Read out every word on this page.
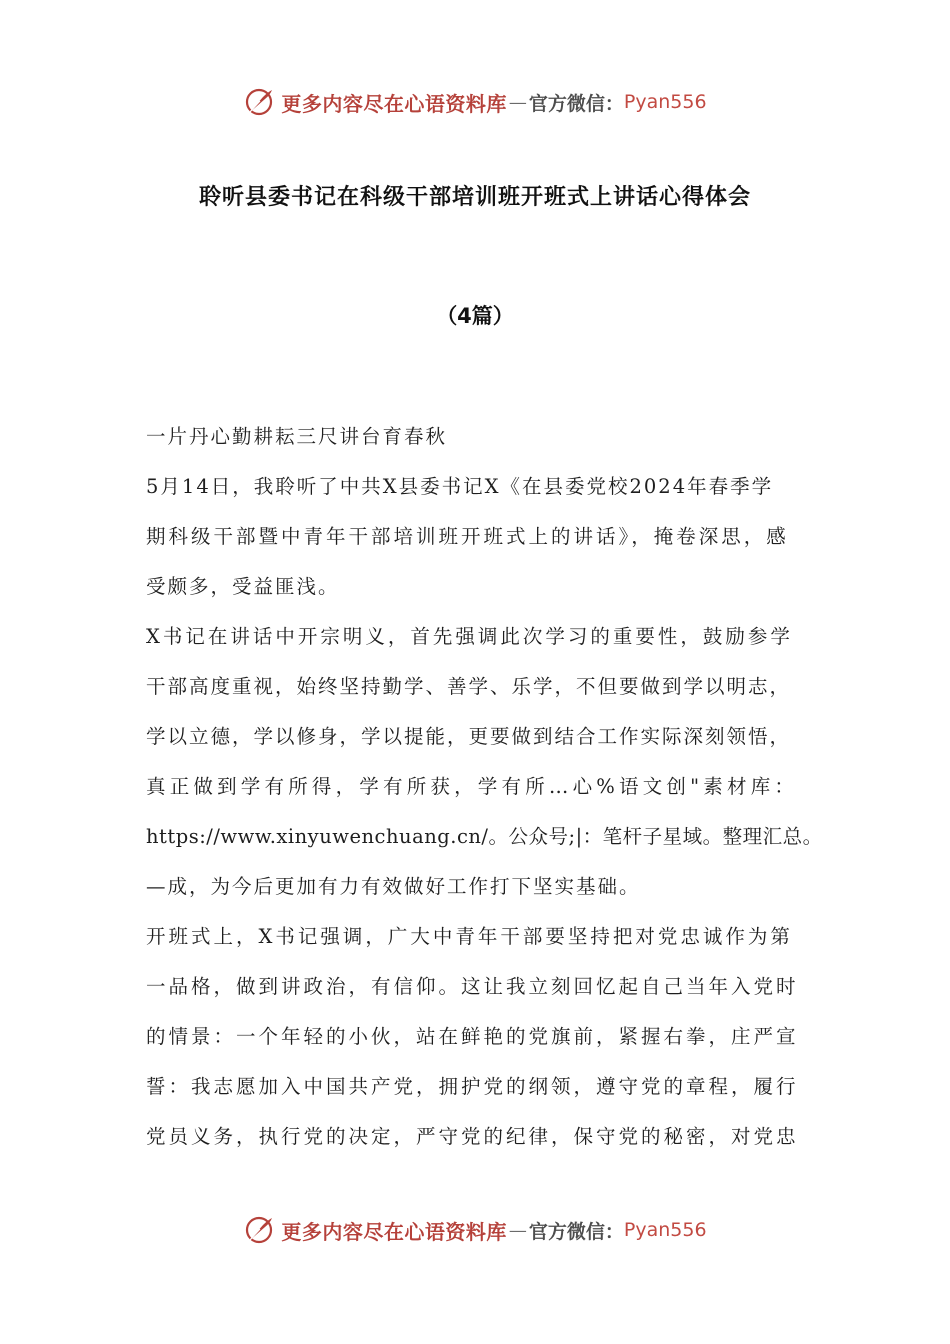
更多内容尽在心语资料库 — 官方微信： Pyan556
聆听县委书记在科级干部培训班开班式上讲话心得体会
（4篇）
一片丹心勤耕耘三尺讲台育春秋
5月14日，我聆听了中共X县委书记X《在县委党校2024年春季学
期科级干部暨中青年干部培训班开班式上的讲话》，掩卷深思，感
受颇多，受益匪浅。
X书记在讲话中开宗明义，首先强调此次学习的重要性，鼓励参学
干部高度重视，始终坚持勤学、善学、乐学，不但要做到学以明志，
学以立德，学以修身，学以提能，更要做到结合工作实际深刻领悟，
真正做到学有所得，学有所获，学有所…心%语文创"素材库：
https://www.xinyuwenchuang.cn/。公众号;|：笔杆子星域。整理汇总。
—成，为今后更加有力有效做好工作打下坚实基础。
开班式上，X书记强调，广大中青年干部要坚持把对党忠诚作为第
一品格，做到讲政治，有信仰。这让我立刻回忆起自己当年入党时
的情景：一个年轻的小伙，站在鲜艳的党旗前，紧握右拳，庄严宣
誓：我志愿加入中国共产党，拥护党的纲领，遵守党的章程，履行
党员义务，执行党的决定，严守党的纪律，保守党的秘密，对党忠
更多内容尽在心语资料库 — 官方微信： Pyan556
